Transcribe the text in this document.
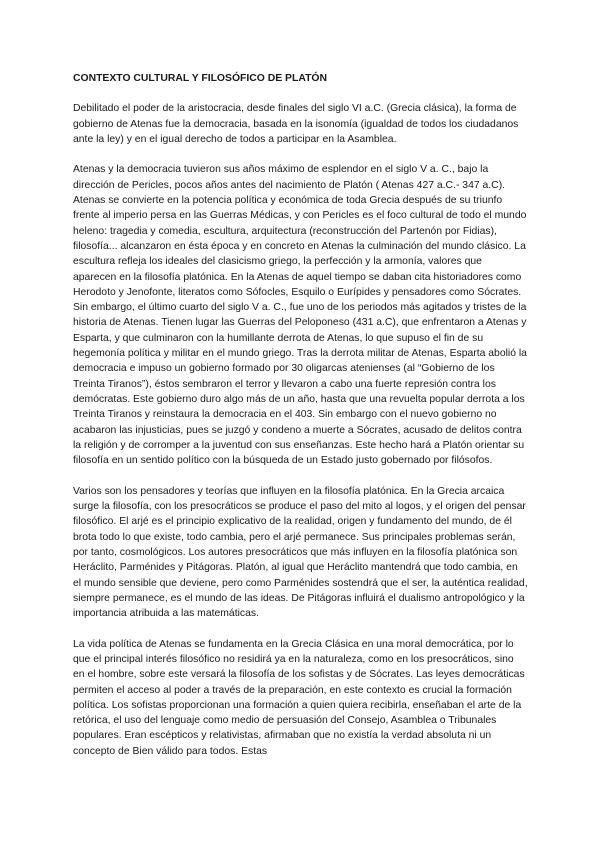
CONTEXTO CULTURAL Y FILOSÓFICO DE PLATÓN

Debilitado el poder de la aristocracia, desde finales del siglo VI a.C. (Grecia clásica), la forma de gobierno de Atenas fue la democracia, basada en la isonomía (igualdad de todos los ciudadanos ante la ley) y en el igual derecho de todos a participar en la Asamblea.

Atenas y la democracia tuvieron sus años máximo de esplendor en el siglo V a. C., bajo la dirección de Pericles, pocos años antes del nacimiento de Platón ( Atenas 427 a.C.- 347 a.C). Atenas se convierte en la potencia política y económica de toda Grecia después de su triunfo frente al imperio persa en las Guerras Médicas, y con Pericles es el foco cultural de todo el mundo heleno: tragedia y comedia, escultura, arquitectura (reconstrucción del Partenón por Fidias), filosofía... alcanzaron en ésta época y en concreto en Atenas la culminación del mundo clásico. La escultura refleja los ideales del clasicismo griego, la perfección y la armonía, valores que aparecen en la filosofía platónica. En la Atenas de aquel tiempo se daban cita historiadores como Herodoto y Jenofonte, literatos como Sófocles, Esquilo o Eurípides y pensadores como Sócrates. Sin embargo, el último cuarto del siglo V a. C., fue uno de los periodos más agitados y tristes de la historia de Atenas. Tienen lugar las Guerras del Peloponeso (431 a.C), que enfrentaron a Atenas y Esparta, y que culminaron con la humillante derrota de Atenas, lo que supuso el fin de su hegemonía política y militar en el mundo griego. Tras la derrota militar de Atenas, Esparta abolió la democracia e impuso un gobierno formado por 30 oligarcas atenienses (al “Gobierno de los Treinta Tiranos”), éstos sembraron el terror y llevaron a cabo una fuerte represión contra los demócratas. Este gobierno duro algo más de un año, hasta que una revuelta popular derrota a los Treinta Tiranos y reinstaura la democracia en el 403. Sin embargo con el nuevo gobierno no acabaron las injusticias, pues se juzgó y condeno a muerte a Sócrates, acusado de delitos contra la religión y de corromper a la juventud con sus enseñanzas. Este hecho hará a Platón orientar su filosofía en un sentido político con la búsqueda de un Estado justo gobernado por filósofos.

Varios son los pensadores y teorías que influyen en la filosofía platónica. En la Grecia arcaica surge la filosofía, con los presocráticos se produce el paso del mito al logos, y el origen del pensar filosófico. El arjé es el principio explicativo de la realidad, origen y fundamento del mundo, de él brota todo lo que existe, todo cambia, pero el arjé permanece. Sus principales problemas serán, por tanto, cosmológicos. Los autores presocráticos que más influyen en la filosofía platónica son Heráclito, Parménides y Pitágoras. Platón, al igual que Heráclito mantendrá que todo cambia, en el mundo sensible que deviene, pero como Parménides sostendrá que el ser, la auténtica realidad, siempre permanece, es el mundo de las ideas. De Pitágoras influirá el dualismo antropológico y la importancia atribuida a las matemáticas.

La vida política de Atenas se fundamenta en la Grecia Clásica en una moral democrática, por lo que el principal interés filosófico no residirá ya en la naturaleza, como en los presocráticos, sino en el hombre, sobre este versará la filosofía de los sofistas y de Sócrates. Las leyes democráticas permiten el acceso al poder a través de la preparación, en este contexto es crucial la formación política. Los sofistas proporcionan una formación a quien quiera recibirla, enseñaban el arte de la retórica, el uso del lenguaje como medio de persuasión del Consejo, Asamblea o Tribunales populares. Eran escépticos y relativistas, afirmaban que no existía la verdad absoluta ni un concepto de Bien válido para todos. Estas
